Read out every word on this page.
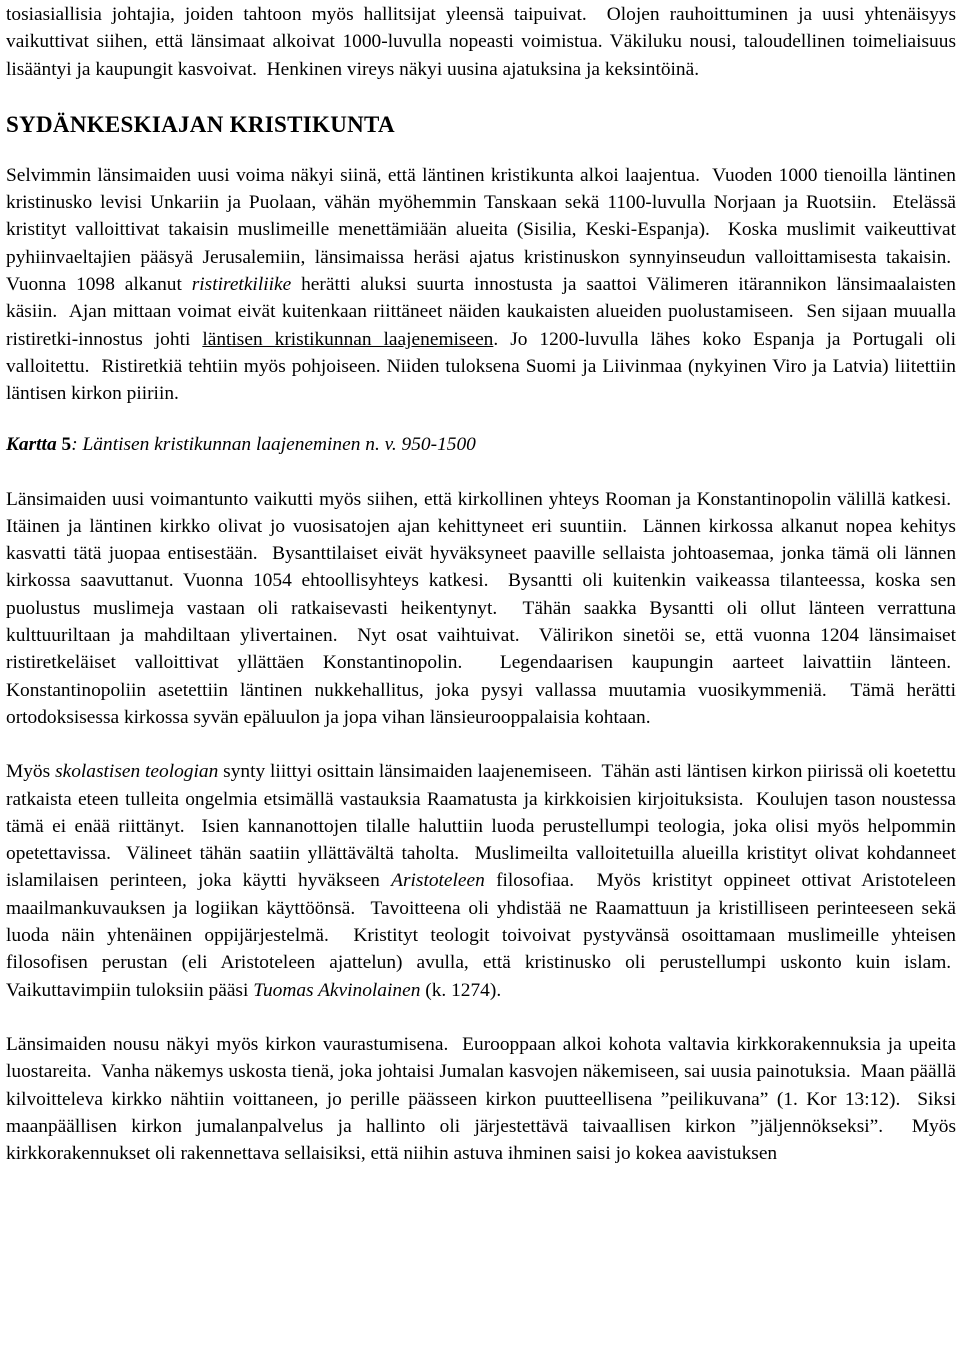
tosiasiallisia johtajia, joiden tahtoon myös hallitsijat yleensä taipuivat. Olojen rauhoittuminen ja uusi yhtenäisyys vaikuttivat siihen, että länsimaat alkoivat 1000-luvulla nopeasti voimistua. Väkiluku nousi, taloudellinen toimeliaisuus lisääntyi ja kaupungit kasvoivat. Henkinen vireys näkyi uusina ajatuksina ja keksintöinä.

SYDÄNKESKIAJAN KRISTIKUNTA

Selvimmin länsimaiden uusi voima näkyi siinä, että läntinen kristikunta alkoi laajentua. Vuoden 1000 tienoilla läntinen kristinusko levisi Unkariin ja Puolaan, vähän myöhemmin Tanskaan sekä 1100-luvulla Norjaan ja Ruotsiin. Etelässä kristityt valloittivat takaisin muslimeille menettämiään alueita (Sisilia, Keski-Espanja). Koska muslimit vaikeuttivat pyhiinvaeltajien pääsyä Jerusalemiin, länsimaissa heräsi ajatus kristinuskon synnyinseudun valloittamisesta takaisin.  Vuonna 1098 alkanut ristiretkiliike herätti aluksi suurta innostusta ja saattoi Välimeren itärannikon länsimaalaisten käsiin. Ajan mittaan voimat eivät kuitenkaan riittäneet näiden kaukaisten alueiden puolustamiseen. Sen sijaan muualla ristiretki-innostus johti läntisen kristikunnan laajenemiseen. Jo 1200-luvulla lähes koko Espanja ja Portugali oli valloitettu. Ristiretkiä tehtiin myös pohjoiseen. Niiden tuloksena Suomi ja Liivinmaa (nykyinen Viro ja Latvia) liitettiin läntisen kirkon piiriin.

Kartta 5: Läntisen kristikunnan laajeneminen n. v. 950-1500

Länsimaiden uusi voimantunto vaikutti myös siihen, että kirkollinen yhteys Rooman ja Konstantinopolin välillä katkesi.  Itäinen ja läntinen kirkko olivat jo vuosisatojen ajan kehittyneet eri suuntiin. Lännen kirkossa alkanut nopea kehitys kasvatti tätä juopaa entisestään. Bysanttilaiset eivät hyväksyneet paaville sellaista johtoasemaa, jonka tämä oli lännen kirkossa saavuttanut. Vuonna 1054 ehtoollisyhteys katkesi. Bysantti oli kuitenkin vaikeassa tilanteessa, koska sen puolustus muslimeja vastaan oli ratkaisevasti heikentynyt. Tähän saakka Bysantti oli ollut länteen verrattuna kulttuuriltaan ja mahdiltaan ylivertainen. Nyt osat vaihtuivat. Välirikon sinetöi se, että vuonna 1204 länsimaiset ristiretkeläiset valloittivat yllättäen Konstantinopolin. Legendaarisen kaupungin aarteet laivattiin länteen.  Konstantinopoliin asetettiin läntinen nukkehallitus, joka pysyi vallassa muutamia vuosikymmeniä. Tämä herätti ortodoksisessa kirkossa syvän epäluulon ja jopa vihan länsieurooppalaisia kohtaan.

Myös skolastisen teologian synty liittyi osittain länsimaiden laajenemiseen. Tähän asti läntisen kirkon piirissä oli koetettu ratkaista eteen tulleita ongelmia etsimällä vastauksia Raamatusta ja kirkkoisien kirjoituksista. Koulujen tason noustessa tämä ei enää riittänyt. Isien kannanottojen tilalle haluttiin luoda perustellumpi teologia, joka olisi myös helpommin opetettavissa. Välineet tähän saatiin yllättävältä taholta. Muslimeilta valloitetuilla alueilla kristityt olivat kohdanneet islamilaisen perinteen, joka käytti hyväkseen Aristoteleen filosofiaa. Myös kristityt oppineet ottivat Aristoteleen maailmankuvauksen ja logiikan käyttöönsä. Tavoitteena oli yhdistää ne Raamattuun ja kristilliseen perinteeseen sekä luoda näin yhtenäinen oppijärjestelmä. Kristityt teologit toivoivat pystyvänsä osoittamaan muslimeille yhteisen filosofisen perustan (eli Aristoteleen ajattelun) avulla, että kristinusko oli perustellumpi uskonto kuin islam.  Vaikuttavimpiin tuloksiin pääsi Tuomas Akvinolainen (k. 1274).

Länsimaiden nousu näkyi myös kirkon vaurastumisena. Eurooppaan alkoi kohota valtavia kirkkorakennuksia ja upeita luostareita. Vanha näkemys uskosta tienä, joka johtaisi Jumalan kasvojen näkemiseen, sai uusia painotuksia. Maan päällä kilvoitteleva kirkko nähtiin voittaneen, jo perille päässeen kirkon puutteellisena ”peilikuvana” (1. Kor 13:12). Siksi maanpäällisen kirkon jumalanpalvelus ja hallinto oli järjestettävä taivaallisen kirkon ”jäljennökseksi”. Myös kirkkorakennukset oli rakennettava sellaisiksi, että niihin astuva ihminen saisi jo kokea aavistuksen
